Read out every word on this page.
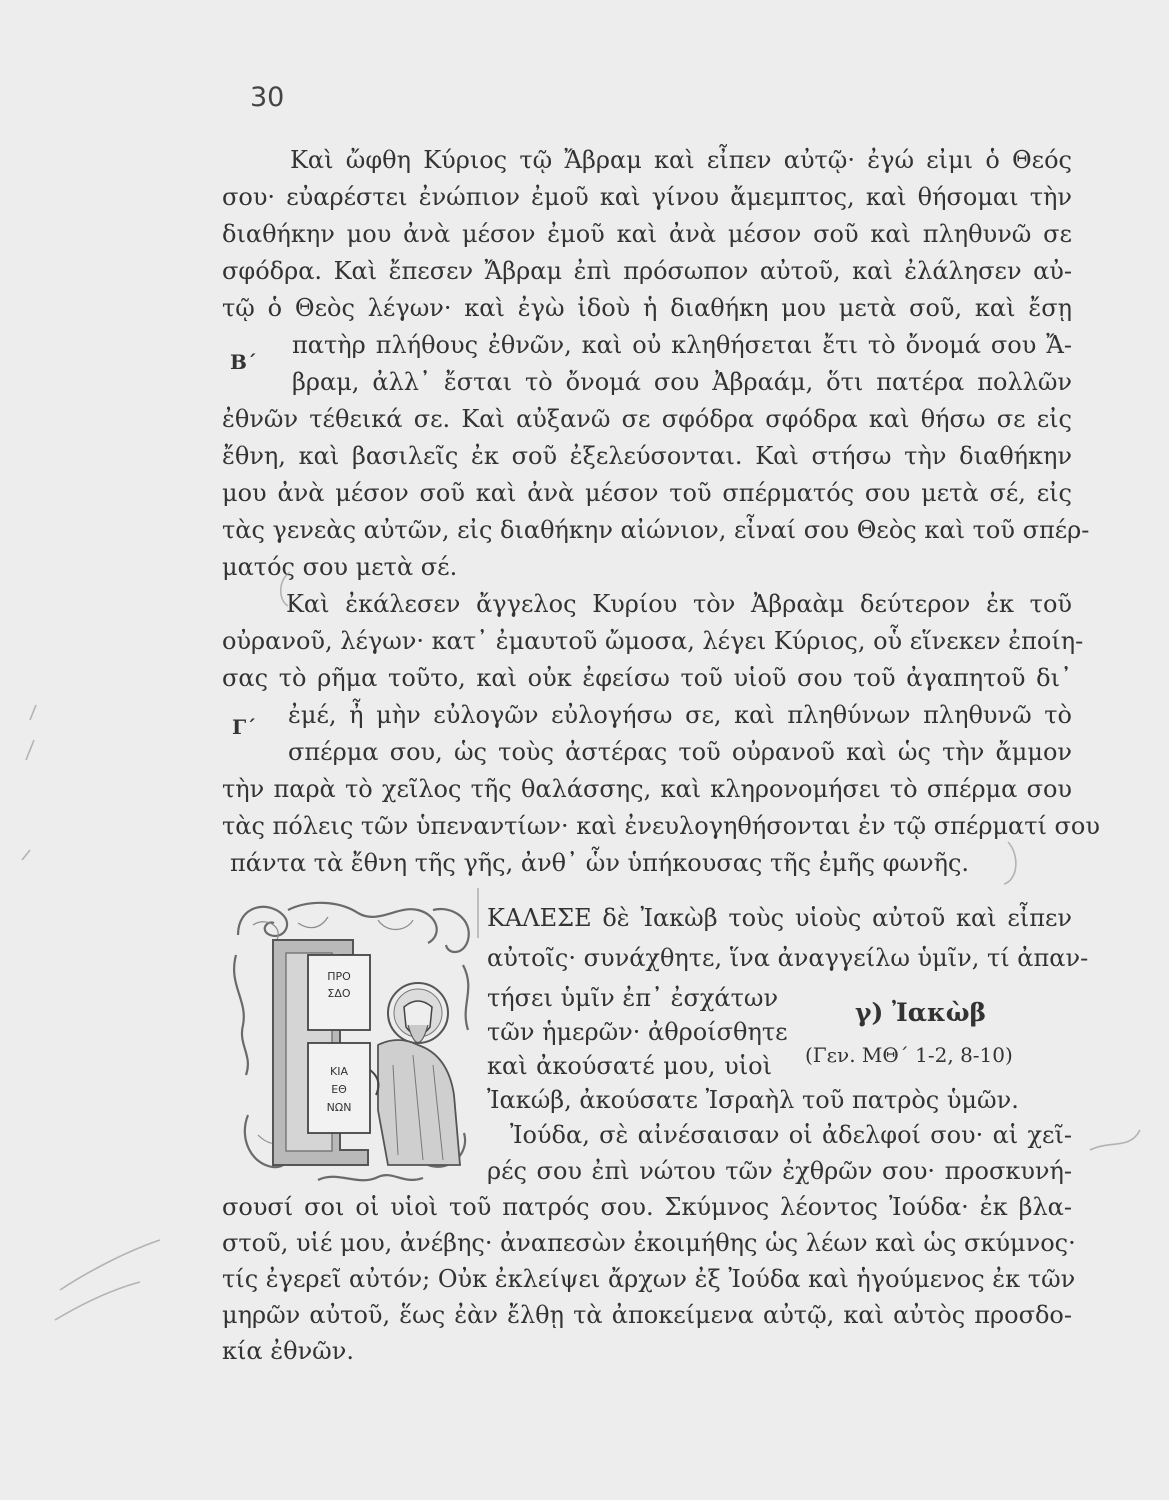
30
Καὶ ὤφθη Κύριος τῷ Ἄβραμ καὶ εἶπεν αὐτῷ· ἐγώ εἰμι ὁ Θεός
σου· εὐαρέστει ἐνώπιον ἐμοῦ καὶ γίνου ἄμεμπτος, καὶ θήσομαι τὴν
διαθήκην μου ἀνὰ μέσον ἐμοῦ καὶ ἀνὰ μέσον σοῦ καὶ πληθυνῶ σε
σφόδρα. Καὶ ἔπεσεν Ἄβραμ ἐπὶ πρόσωπον αὐτοῦ, καὶ ἐλάλησεν αὐ-
τῷ ὁ Θεὸς λέγων· καὶ ἐγὼ ἰδοὺ ἡ διαθήκη μου μετὰ σοῦ, καὶ ἔσῃ
πατὴρ πλήθους ἐθνῶν, καὶ οὐ κληθήσεται ἔτι τὸ ὄνομά σου Ἄ-
Β΄
βραμ, ἀλλ᾽ ἔσται τὸ ὄνομά σου Ἀβραάμ, ὅτι πατέρα πολλῶν
ἐθνῶν τέθεικά σε. Καὶ αὐξανῶ σε σφόδρα σφόδρα καὶ θήσω σε εἰς
ἔθνη, καὶ βασιλεῖς ἐκ σοῦ ἐξελεύσονται. Καὶ στήσω τὴν διαθήκην
μου ἀνὰ μέσον σοῦ καὶ ἀνὰ μέσον τοῦ σπέρματός σου μετὰ σέ, εἰς
τὰς γενεὰς αὐτῶν, εἰς διαθήκην αἰώνιον, εἶναί σου Θεὸς καὶ τοῦ σπέρ-
ματός σου μετὰ σέ.
Καὶ ἐκάλεσεν ἄγγελος Κυρίου τὸν Ἀβραὰμ δεύτερον ἐκ τοῦ
οὐρανοῦ, λέγων· κατ᾽ ἐμαυτοῦ ὤμοσα, λέγει Κύριος, οὗ εἵνεκεν ἐποίη-
σας τὸ ρῆμα τοῦτο, καὶ οὐκ ἐφείσω τοῦ υἱοῦ σου τοῦ ἀγαπητοῦ δι᾽
ἐμέ, ἦ μὴν εὐλογῶν εὐλογήσω σε, καὶ πληθύνων πληθυνῶ τὸ
Γ΄
σπέρμα σου, ὡς τοὺς ἀστέρας τοῦ οὐρανοῦ καὶ ὡς τὴν ἄμμον
τὴν παρὰ τὸ χεῖλος τῆς θαλάσσης, καὶ κληρονομήσει τὸ σπέρμα σου
τὰς πόλεις τῶν ὑπεναντίων· καὶ ἐνευλογηθήσονται ἐν τῷ σπέρματί σου
πάντα τὰ ἔθνη τῆς γῆς, ἀνθ᾽ ὧν ὑπήκουσας τῆς ἐμῆς φωνῆς.
ΠΡΟ
ΣΔΟ
ΚΙΑ
ΕΘ
ΝΩΝ
ΚΑΛΕΣΕ δὲ Ἰακὼβ τοὺς υἱοὺς αὐτοῦ καὶ εἶπεν
αὐτοῖς· συνάχθητε, ἵνα ἀναγγείλω ὑμῖν, τί ἀπαν-
τήσει ὑμῖν ἐπ᾽ ἐσχάτων
τῶν ἡμερῶν· ἀθροίσθητε
καὶ ἀκούσατέ μου, υἱοὶ
γ) Ἰακὼβ
(Γεν. ΜΘ΄ 1-2, 8-10)
Ἰακώβ, ἀκούσατε Ἰσραὴλ τοῦ πατρὸς ὑμῶν.
Ἰούδα, σὲ αἰνέσαισαν οἱ ἀδελφοί σου· αἱ χεῖ-
ρές σου ἐπὶ νώτου τῶν ἐχθρῶν σου· προσκυνή-
σουσί σοι οἱ υἱοὶ τοῦ πατρός σου. Σκύμνος λέοντος Ἰούδα· ἐκ βλα-
στοῦ, υἱέ μου, ἀνέβης· ἀναπεσὼν ἐκοιμήθης ὡς λέων καὶ ὡς σκύμνος·
τίς ἐγερεῖ αὐτόν; Οὐκ ἐκλείψει ἄρχων ἐξ Ἰούδα καὶ ἡγούμενος ἐκ τῶν
μηρῶν αὐτοῦ, ἕως ἐὰν ἔλθῃ τὰ ἀποκείμενα αὐτῷ, καὶ αὐτὸς προσδο-
κία ἐθνῶν.
